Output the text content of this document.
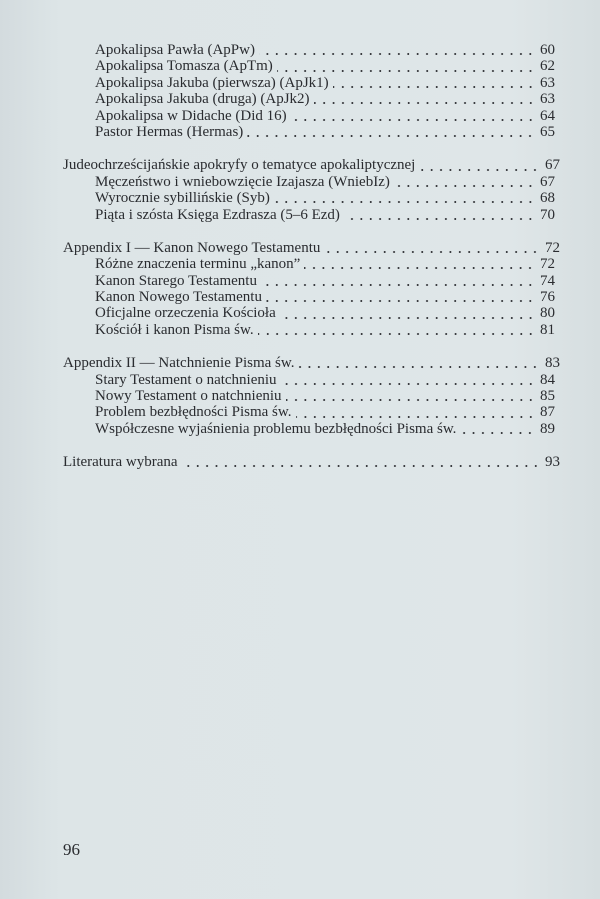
Apokalipsa Pawła (ApPw)	60
Apokalipsa Tomasza (ApTm)	62
Apokalipsa Jakuba (pierwsza) (ApJk1)	63
Apokalipsa Jakuba (druga) (ApJk2)	63
Apokalipsa w Didache (Did 16)	64
Pastor Hermas (Hermas)	65
Judeochrześcijańskie apokryfy o tematyce apokaliptycznej	67
Męczeństwo i wniebowzięcie Izajasza (WniebIz)	67
Wyrocznie sybillińskie (Syb)	68
Piąta i szósta Księga Ezdrasza (5–6 Ezd)	70
Appendix I — Kanon Nowego Testamentu	72
Różne znaczenia terminu „kanon”	72
Kanon Starego Testamentu	74
Kanon Nowego Testamentu	76
Oficjalne orzeczenia Kościoła	80
Kościół i kanon Pisma św.	81
Appendix II — Natchnienie Pisma św.	83
Stary Testament o natchnieniu	84
Nowy Testament o natchnieniu	85
Problem bezbłędności Pisma św.	87
Współczesne wyjaśnienia problemu bezbłędności Pisma św.	89
Literatura wybrana	93
96
